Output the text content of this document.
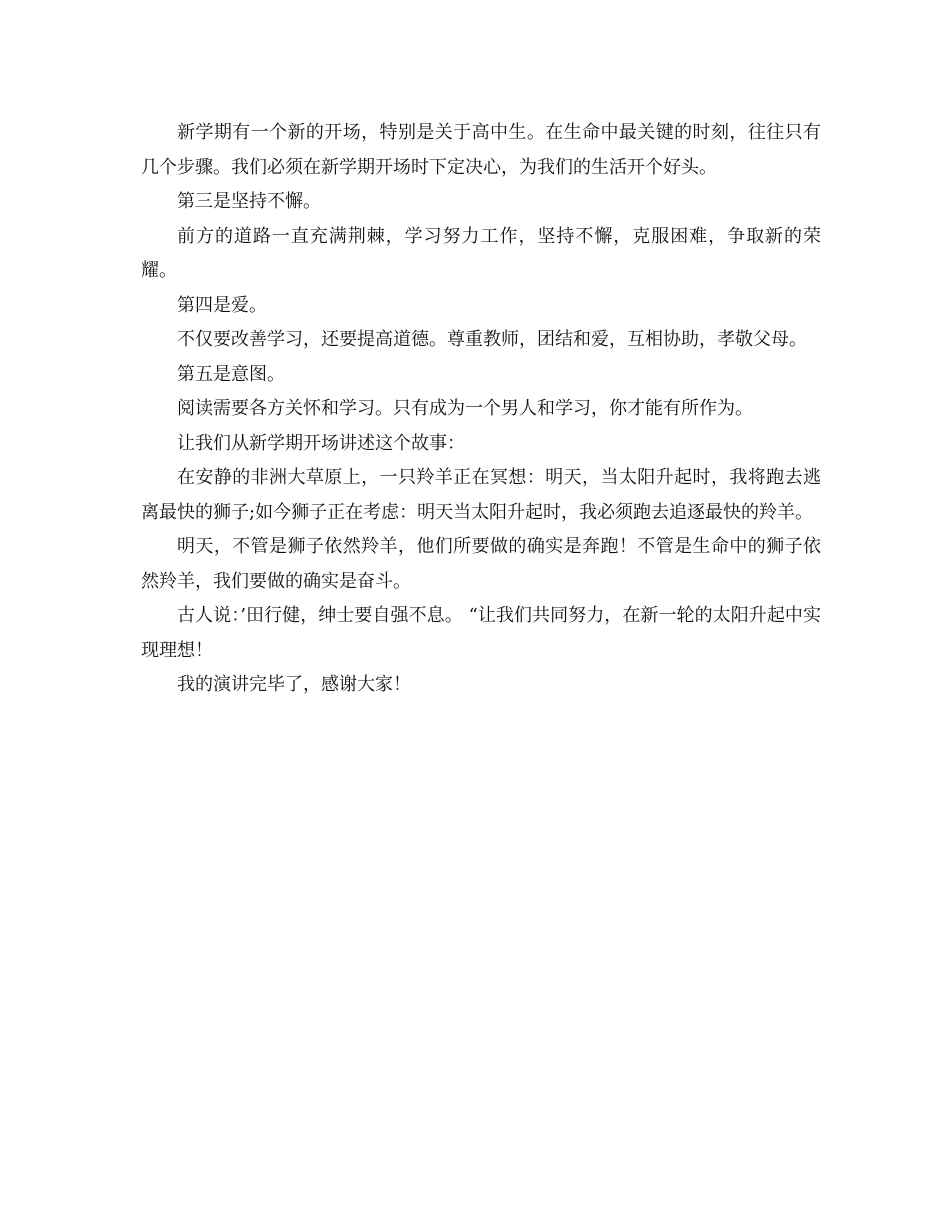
新学期有一个新的开场，特别是关于高中生。在生命中最关键的时刻，往往只有几个步骤。我们必须在新学期开场时下定决心，为我们的生活开个好头。

第三是坚持不懈。

前方的道路一直充满荆棘，学习努力工作，坚持不懈，克服困难，争取新的荣耀。

第四是爱。

不仅要改善学习，还要提高道德。尊重教师，团结和爱，互相协助，孝敬父母。

第五是意图。

阅读需要各方关怀和学习。只有成为一个男人和学习，你才能有所作为。

让我们从新学期开场讲述这个故事：

在安静的非洲大草原上，一只羚羊正在冥想：明天，当太阳升起时，我将跑去逃离最快的狮子;如今狮子正在考虑：明天当太阳升起时，我必须跑去追逐最快的羚羊。

明天，不管是狮子依然羚羊，他们所要做的确实是奔跑！不管是生命中的狮子依然羚羊，我们要做的确实是奋斗。

古人说：’田行健，绅士要自强不息。 “让我们共同努力，在新一轮的太阳升起中实现理想！

我的演讲完毕了，感谢大家！
